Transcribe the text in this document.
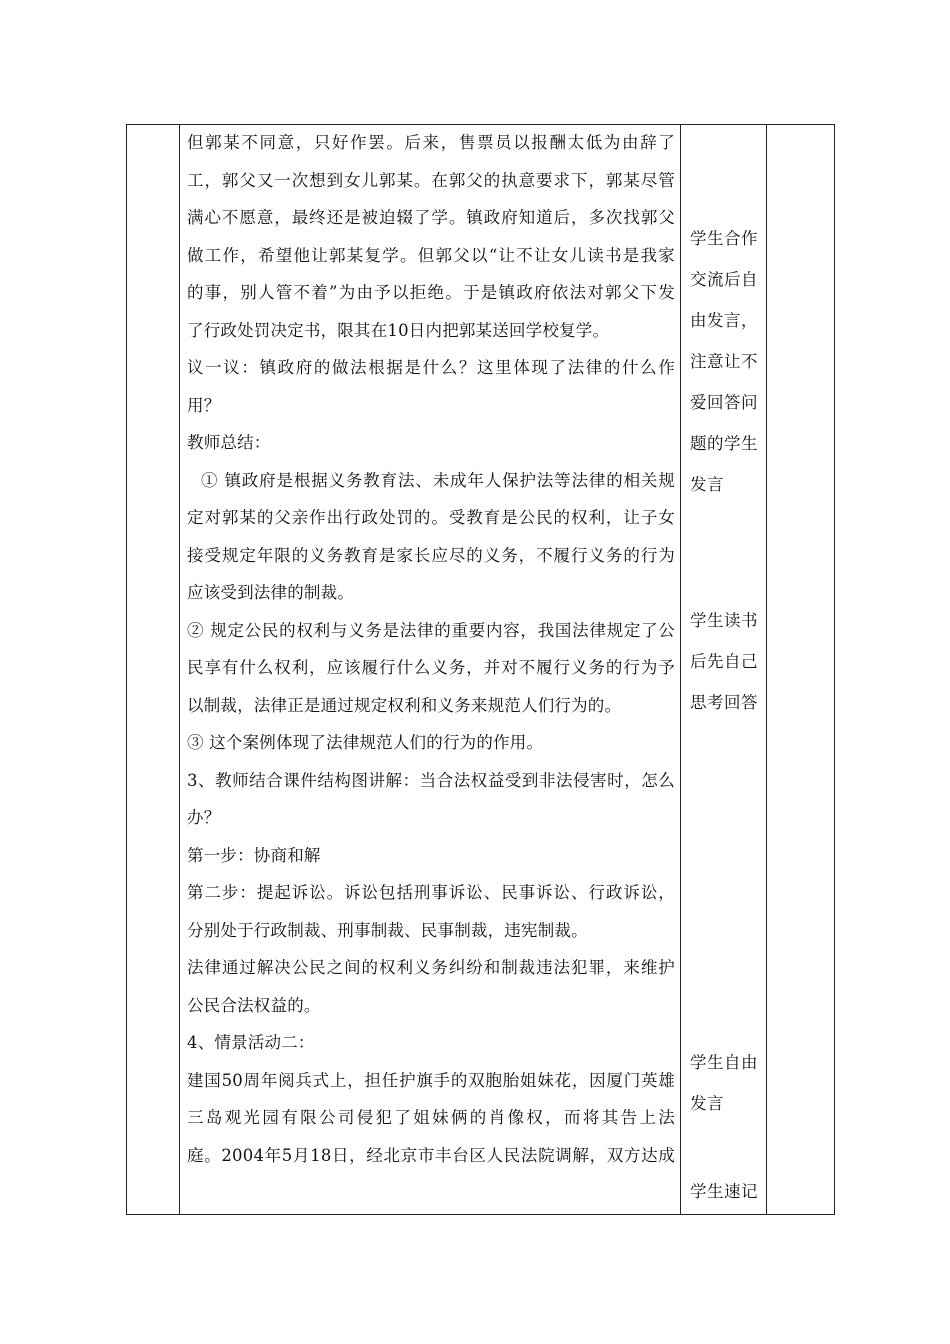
但郭某不同意，只好作罢。后来，售票员以报酬太低为由辞了
工，郭父又一次想到女儿郭某。在郭父的执意要求下，郭某尽管
满心不愿意，最终还是被迫辍了学。镇政府知道后，多次找郭父
做工作，希望他让郭某复学。但郭父以“让不让女儿读书是我家
的事，别人管不着”为由予以拒绝。于是镇政府依法对郭父下发
了行政处罚决定书，限其在10日内把郭某送回学校复学。
议一议：镇政府的做法根据是什么？这里体现了法律的什么作
用？
教师总结：
① 镇政府是根据义务教育法、未成年人保护法等法律的相关规
定对郭某的父亲作出行政处罚的。受教育是公民的权利，让子女
接受规定年限的义务教育是家长应尽的义务，不履行义务的行为
应该受到法律的制裁。
② 规定公民的权利与义务是法律的重要内容，我国法律规定了公
民享有什么权利，应该履行什么义务，并对不履行义务的行为予
以制裁，法律正是通过规定权利和义务来规范人们行为的。
③ 这个案例体现了法律规范人们的行为的作用。
3、教师结合课件结构图讲解：当合法权益受到非法侵害时，怎么
办？
第一步：协商和解
第二步：提起诉讼。诉讼包括刑事诉讼、民事诉讼、行政诉讼，
分别处于行政制裁、刑事制裁、民事制裁，违宪制裁。
法律通过解决公民之间的权利义务纠纷和制裁违法犯罪，来维护
公民合法权益的。
4、情景活动二：
建国50周年阅兵式上，担任护旗手的双胞胎姐妹花，因厦门英雄
三岛观光园有限公司侵犯了姐妹俩的肖像权，而将其告上法
庭。2004年5月18日，经北京市丰台区人民法院调解，双方达成
学生合作
交流后自
由发言，
注意让不
爱回答问
题的学生
发言
学生读书
后先自己
思考回答
学生自由
发言
学生速记
